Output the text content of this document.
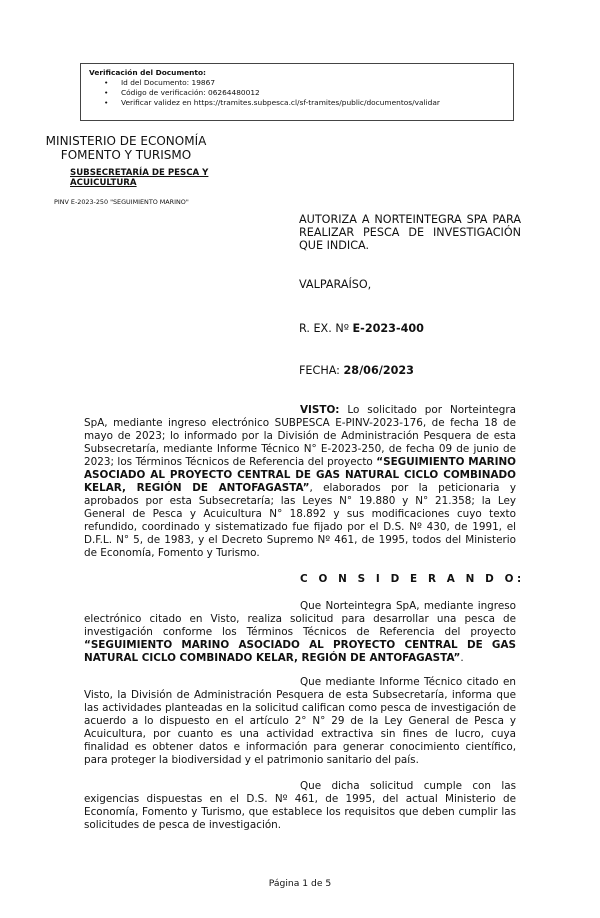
Verificación del Documento:
• Id del Documento: 19867
• Código de verificación: 06264480012
• Verificar validez en https://tramites.subpesca.cl/sf-tramites/public/documentos/validar
MINISTERIO DE ECONOMÍA
FOMENTO Y TURISMO
SUBSECRETARÍA DE PESCA Y ACUICULTURA
PINV E-2023-250 "SEGUIMIENTO MARINO"
AUTORIZA A NORTEINTEGRA SPA PARA REALIZAR PESCA DE INVESTIGACIÓN QUE INDICA.
VALPARAÍSO,
R. EX. Nº E-2023-400
FECHA: 28/06/2023
VISTO: Lo solicitado por Norteintegra SpA, mediante ingreso electrónico SUBPESCA E-PINV-2023-176, de fecha 18 de mayo de 2023; lo informado por la División de Administración Pesquera de esta Subsecretaría, mediante Informe Técnico N° E-2023-250, de fecha 09 de junio de 2023; los Términos Técnicos de Referencia del proyecto “SEGUIMIENTO MARINO ASOCIADO AL PROYECTO CENTRAL DE GAS NATURAL CICLO COMBINADO KELAR, REGIÓN DE ANTOFAGASTA”, elaborados por la peticionaria y aprobados por esta Subsecretaría; las Leyes N° 19.880 y N° 21.358; la Ley General de Pesca y Acuicultura N° 18.892 y sus modificaciones cuyo texto refundido, coordinado y sistematizado fue fijado por el D.S. Nº 430, de 1991, el D.F.L. N° 5, de 1983, y el Decreto Supremo Nº 461, de 1995, todos del Ministerio de Economía, Fomento y Turismo.
C O N S I D E R A N D O:
Que Norteintegra SpA, mediante ingreso electrónico citado en Visto, realiza solicitud para desarrollar una pesca de investigación conforme los Términos Técnicos de Referencia del proyecto “SEGUIMIENTO MARINO ASOCIADO AL PROYECTO CENTRAL DE GAS NATURAL CICLO COMBINADO KELAR, REGIÓN DE ANTOFAGASTA”.
Que mediante Informe Técnico citado en Visto, la División de Administración Pesquera de esta Subsecretaría, informa que las actividades planteadas en la solicitud califican como pesca de investigación de acuerdo a lo dispuesto en el artículo 2° N° 29 de la Ley General de Pesca y Acuicultura, por cuanto es una actividad extractiva sin fines de lucro, cuya finalidad es obtener datos e información para generar conocimiento científico, para proteger la biodiversidad y el patrimonio sanitario del país.
Que dicha solicitud cumple con las exigencias dispuestas en el D.S. Nº 461, de 1995, del actual Ministerio de Economía, Fomento y Turismo, que establece los requisitos que deben cumplir las solicitudes de pesca de investigación.
Página 1 de 5
